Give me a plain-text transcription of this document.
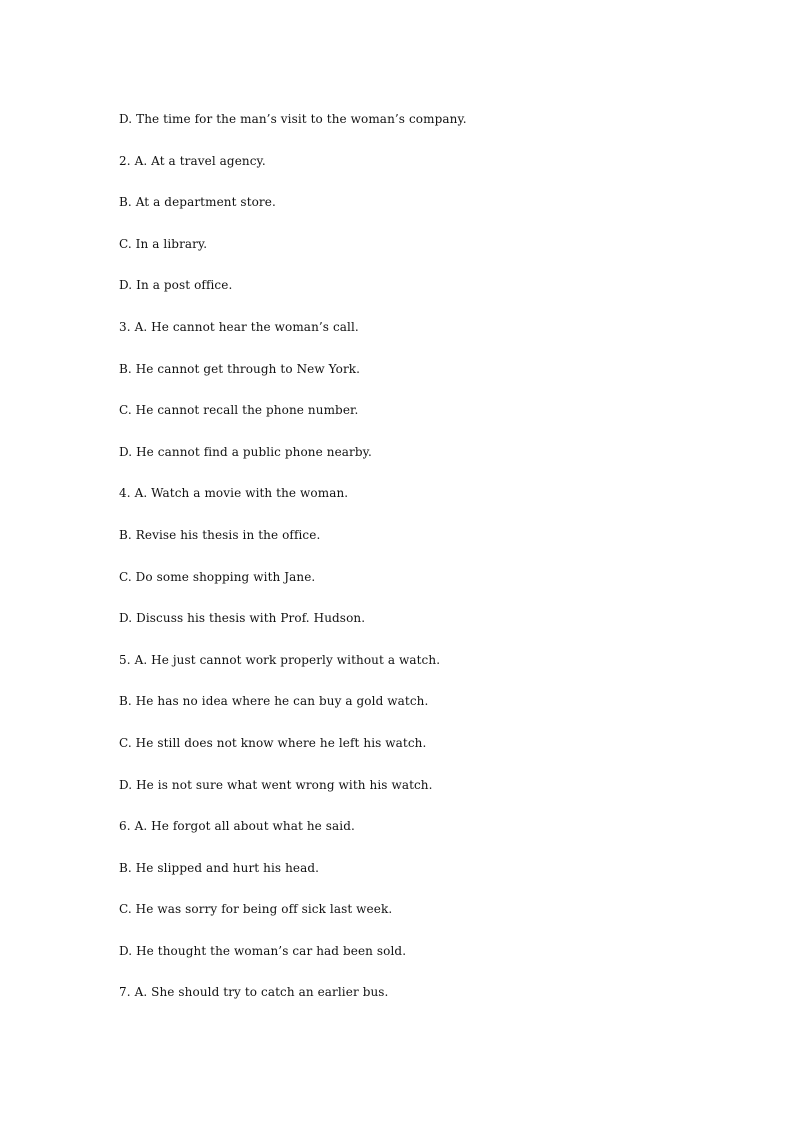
D. The time for the man’s visit to the woman’s company.
2. A. At a travel agency.
B. At a department store.
C. In a library.
D. In a post office.
3. A. He cannot hear the woman’s call.
B. He cannot get through to New York.
C. He cannot recall the phone number.
D. He cannot find a public phone nearby.
4. A. Watch a movie with the woman.
B. Revise his thesis in the office.
C. Do some shopping with Jane.
D. Discuss his thesis with Prof. Hudson.
5. A. He just cannot work properly without a watch.
B. He has no idea where he can buy a gold watch.
C. He still does not know where he left his watch.
D. He is not sure what went wrong with his watch.
6. A. He forgot all about what he said.
B. He slipped and hurt his head.
C. He was sorry for being off sick last week.
D. He thought the woman’s car had been sold.
7. A. She should try to catch an earlier bus.
